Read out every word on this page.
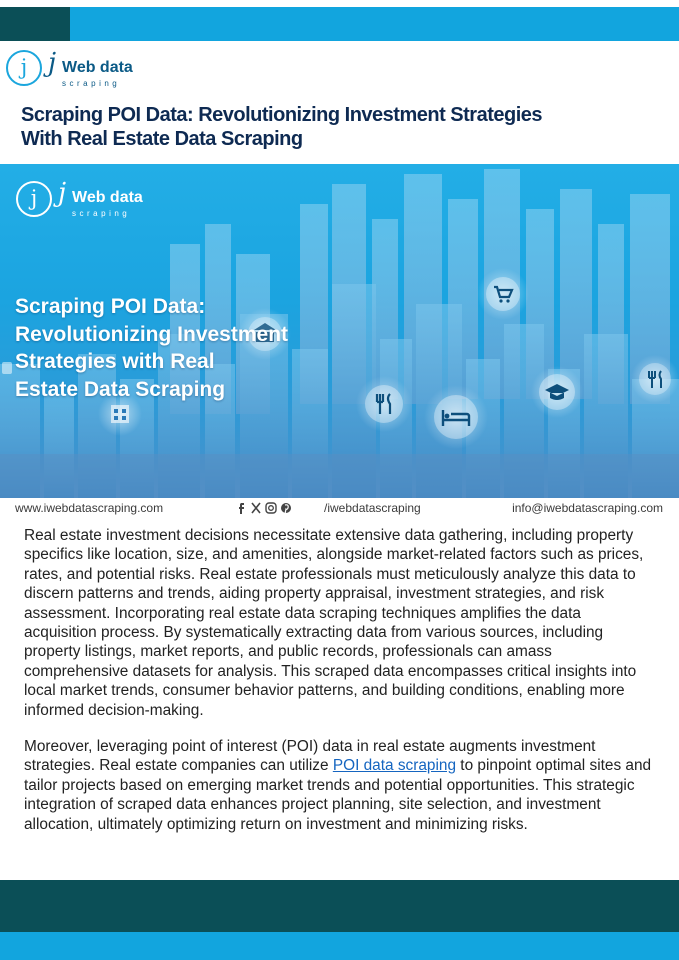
j j Web data
scraping
Scraping POI Data: Revolutionizing Investment Strategies
With Real Estate Data Scraping
j j Web data
scraping
Scraping POI Data:
Revolutionizing Investment
Strategies with Real
Estate Data Scraping
www.iwebdatascraping.com	/iwebdatascraping	info@iwebdatascraping.com

Real estate investment decisions necessitate extensive data gathering, including property specifics like location, size, and amenities, alongside market-related factors such as prices, rates, and potential risks. Real estate professionals must meticulously analyze this data to discern patterns and trends, aiding property appraisal, investment strategies, and risk assessment. Incorporating real estate data scraping techniques amplifies the data acquisition process. By systematically extracting data from various sources, including property listings, market reports, and public records, professionals can amass comprehensive datasets for analysis. This scraped data encompasses critical insights into local market trends, consumer behavior patterns, and building conditions, enabling more informed decision-making.

Moreover, leveraging point of interest (POI) data in real estate augments investment strategies. Real estate companies can utilize POI data scraping to pinpoint optimal sites and tailor projects based on emerging market trends and potential opportunities. This strategic integration of scraped data enhances project planning, site selection, and investment allocation, ultimately optimizing return on investment and minimizing risks.
